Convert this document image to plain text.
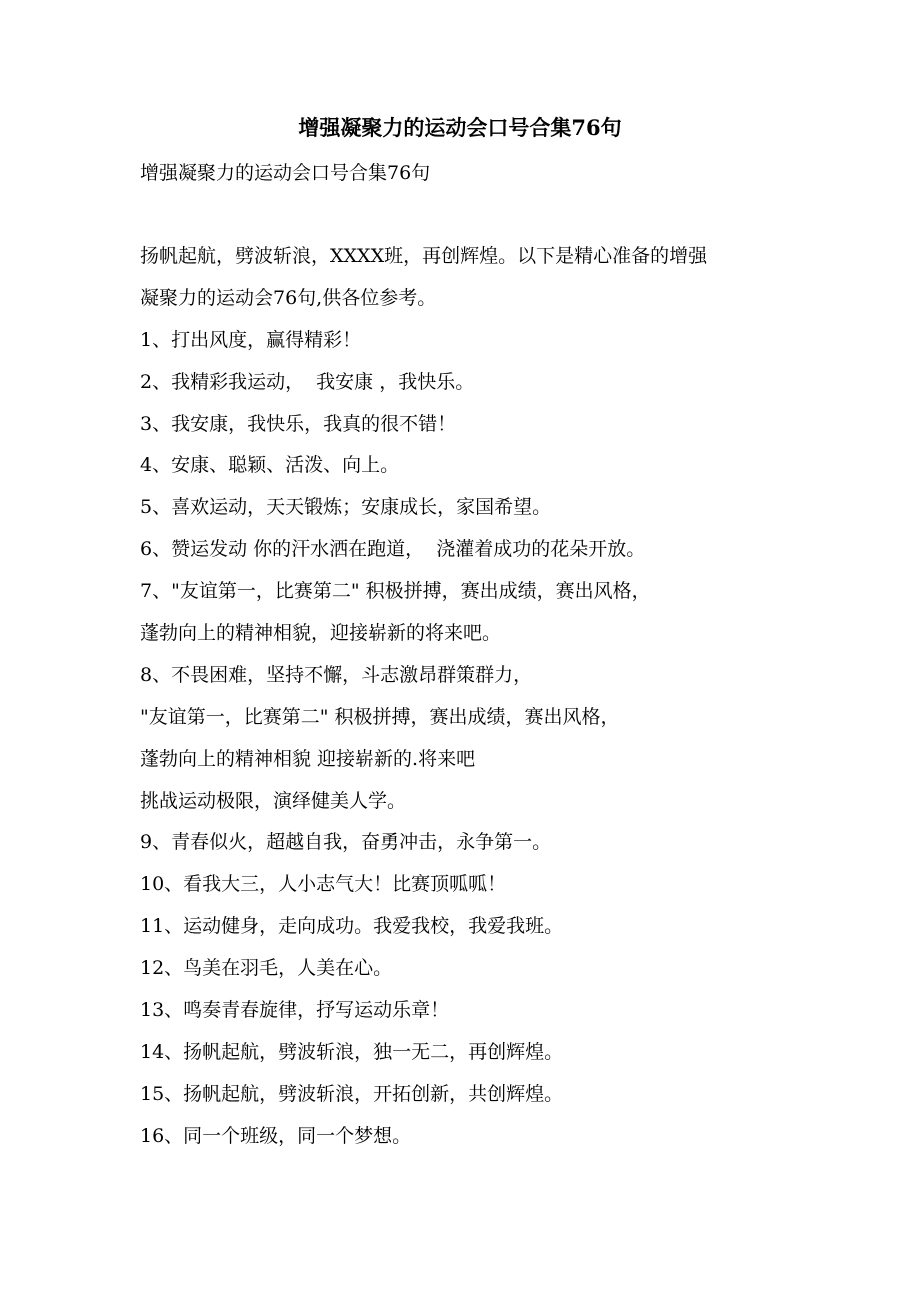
增强凝聚力的运动会口号合集76句
增强凝聚力的运动会口号合集76句
扬帆起航，劈波斩浪，XXXX班，再创辉煌。以下是精心准备的增强
凝聚力的运动会76句,供各位参考。
1、打出风度，赢得精彩！
2、我精彩我运动，  我安康 ，我快乐。
3、我安康，我快乐，我真的很不错！
4、安康、聪颖、活泼、向上。
5、喜欢运动，天天锻炼；安康成长，家国希望。
6、赞运发动 你的汗水洒在跑道，  浇灌着成功的花朵开放。
7、"友谊第一，比赛第二" 积极拼搏，赛出成绩，赛出风格，
蓬勃向上的精神相貌，迎接崭新的将来吧。
8、不畏困难，坚持不懈，斗志激昂群策群力，
"友谊第一，比赛第二" 积极拼搏，赛出成绩，赛出风格，
蓬勃向上的精神相貌 迎接崭新的.将来吧
挑战运动极限，演绎健美人学。
9、青春似火，超越自我，奋勇冲击，永争第一。
10、看我大三，人小志气大！比赛顶呱呱！
11、运动健身，走向成功。我爱我校，我爱我班。
12、鸟美在羽毛，人美在心。
13、鸣奏青春旋律，抒写运动乐章！
14、扬帆起航，劈波斩浪，独一无二，再创辉煌。
15、扬帆起航，劈波斩浪，开拓创新，共创辉煌。
16、同一个班级，同一个梦想。
